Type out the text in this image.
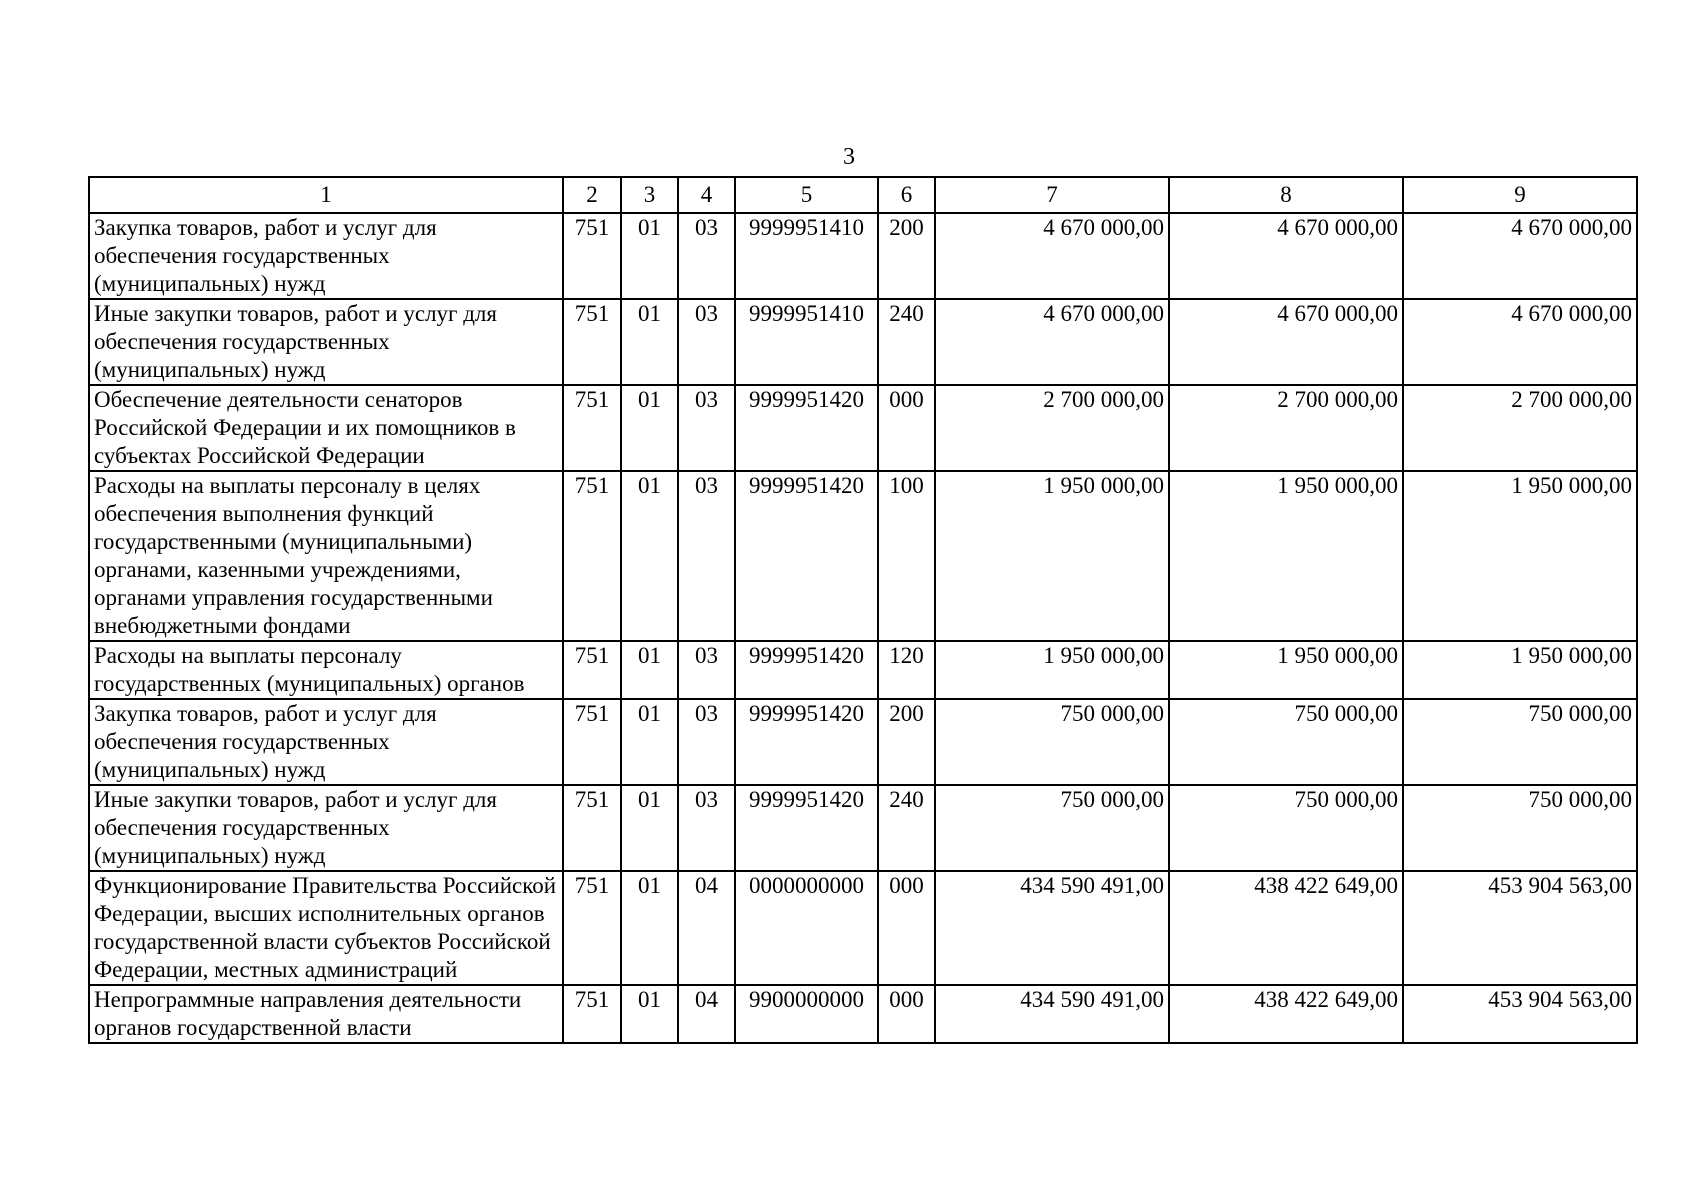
3
1	2	3	4	5	6	7	8	9
Закупка товаров, работ и услуг для обеспечения государственных (муниципальных) нужд	751	01	03	9999951410	200	4 670 000,00	4 670 000,00	4 670 000,00
Иные закупки товаров, работ и услуг для обеспечения государственных (муниципальных) нужд	751	01	03	9999951410	240	4 670 000,00	4 670 000,00	4 670 000,00
Обеспечение деятельности сенаторов Российской Федерации и их помощников в субъектах Российской Федерации	751	01	03	9999951420	000	2 700 000,00	2 700 000,00	2 700 000,00
Расходы на выплаты персоналу в целях обеспечения выполнения функций государственными (муниципальными) органами, казенными учреждениями, органами управления государственными внебюджетными фондами	751	01	03	9999951420	100	1 950 000,00	1 950 000,00	1 950 000,00
Расходы на выплаты персоналу государственных (муниципальных) органов	751	01	03	9999951420	120	1 950 000,00	1 950 000,00	1 950 000,00
Закупка товаров, работ и услуг для обеспечения государственных (муниципальных) нужд	751	01	03	9999951420	200	750 000,00	750 000,00	750 000,00
Иные закупки товаров, работ и услуг для обеспечения государственных (муниципальных) нужд	751	01	03	9999951420	240	750 000,00	750 000,00	750 000,00
Функционирование Правительства Российской Федерации, высших исполнительных органов государственной власти субъектов Российской Федерации, местных администраций	751	01	04	0000000000	000	434 590 491,00	438 422 649,00	453 904 563,00
Непрограммные направления деятельности органов государственной власти	751	01	04	9900000000	000	434 590 491,00	438 422 649,00	453 904 563,00
